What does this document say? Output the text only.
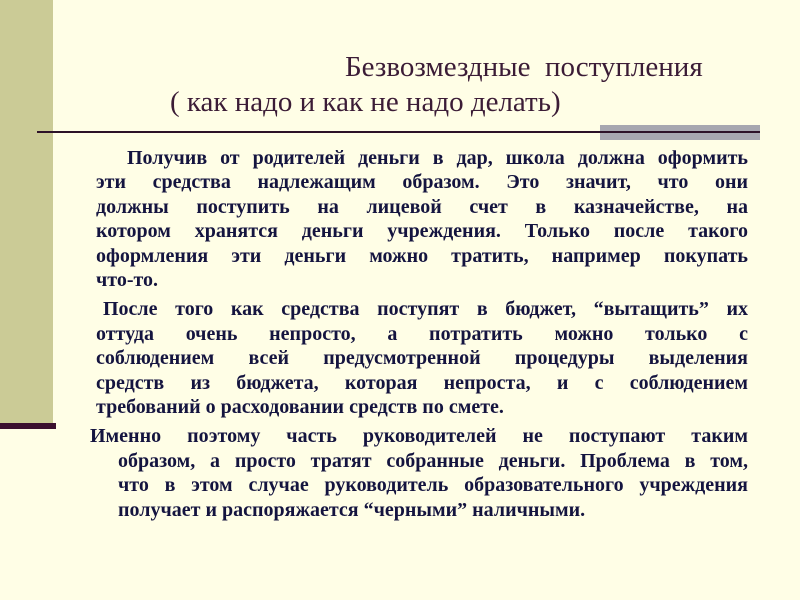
Безвозмездные  поступления
( как надо и как не надо делать)
Получив от родителей деньги в дар, школа должна оформить
эти средства надлежащим образом. Это значит, что они
должны поступить на лицевой счет в казначействе, на
котором хранятся деньги учреждения. Только после такого
оформления эти деньги можно тратить, например покупать
что-то.
После того как средства поступят в бюджет, “вытащить” их
оттуда очень непросто, а потратить можно только с
соблюдением всей предусмотренной процедуры выделения
средств из бюджета, которая непроста, и с соблюдением
требований о расходовании средств по смете.
Именно поэтому часть руководителей не поступают таким
образом, а просто тратят собранные деньги. Проблема в том,
что в этом случае руководитель образовательного учреждения
получает и распоряжается “черными” наличными.
